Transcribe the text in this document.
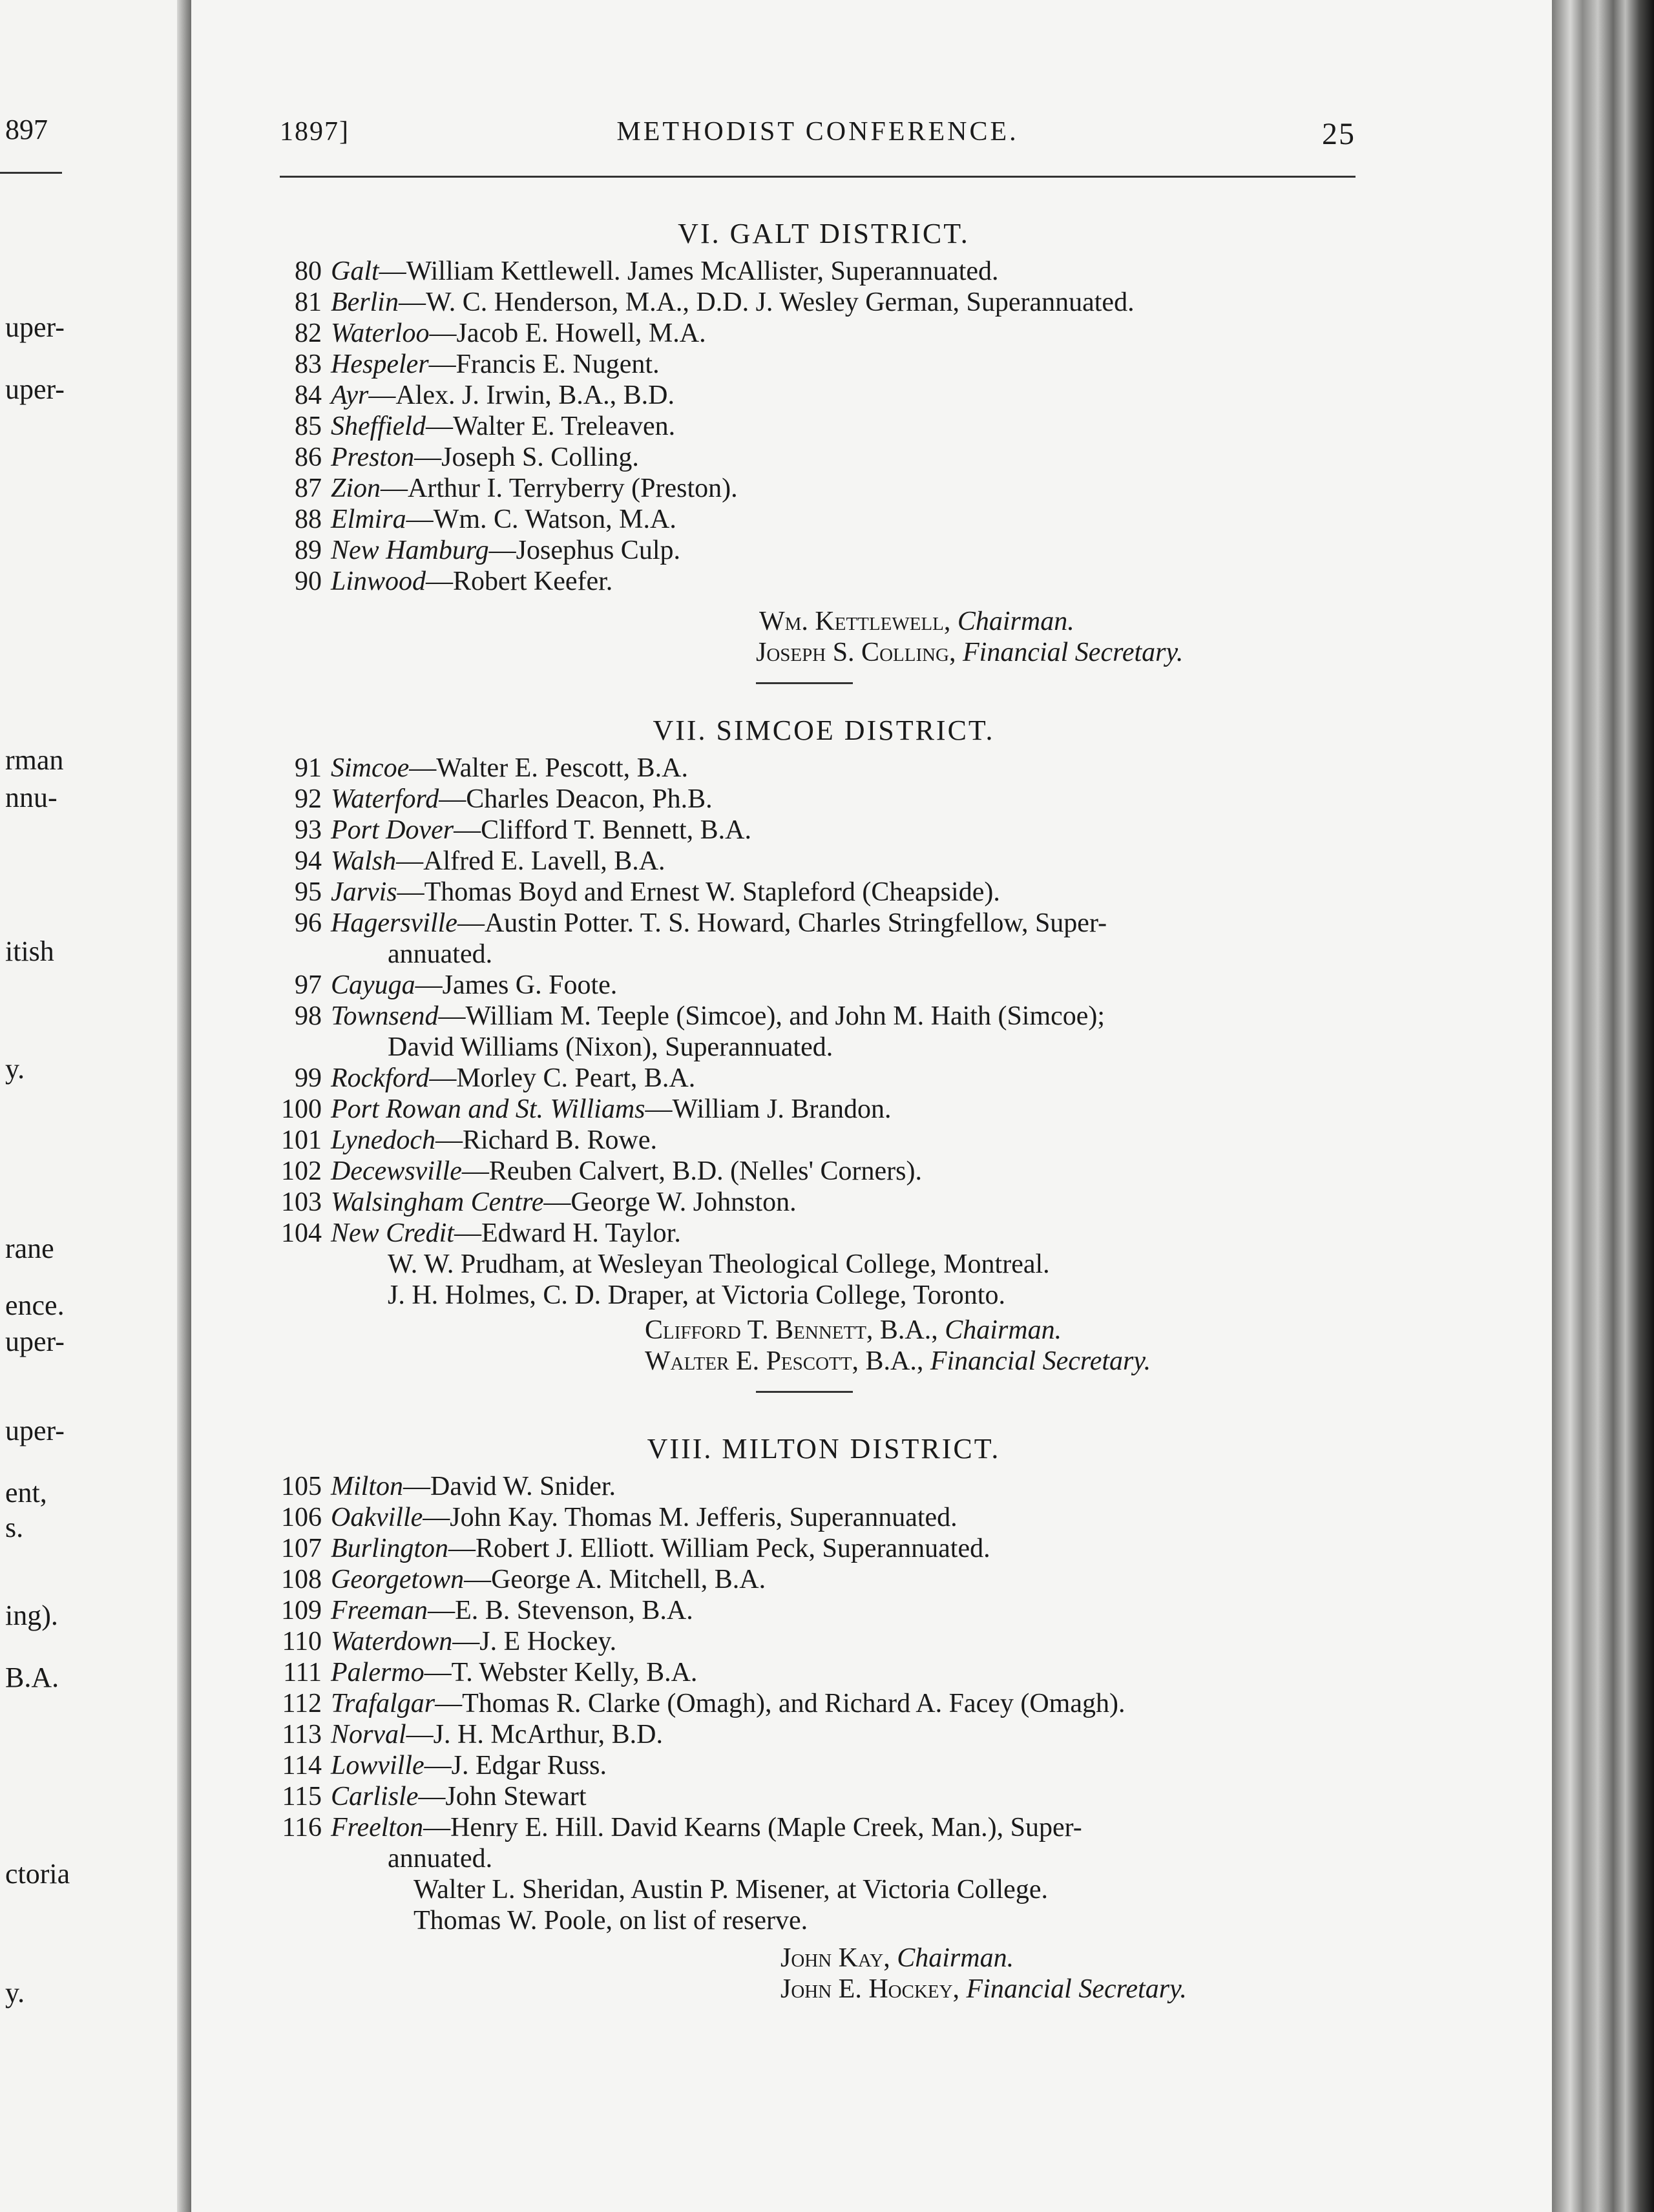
897
uper-
uper-
rman
nnu-
itish
y.
rane
ence.
uper-
uper-
ent,
s.
ing).
B.A.
ctoria
y.
1897]	METHODIST CONFERENCE.	25
VI. GALT DISTRICT.
80 Galt—William Kettlewell. James McAllister, Superannuated.
81 Berlin—W. C. Henderson, M.A., D.D. J. Wesley German, Superannuated.
82 Waterloo—Jacob E. Howell, M.A.
83 Hespeler—Francis E. Nugent.
84 Ayr—Alex. J. Irwin, B.A., B.D.
85 Sheffield—Walter E. Treleaven.
86 Preston—Joseph S. Colling.
87 Zion—Arthur I. Terryberry (Preston).
88 Elmira—Wm. C. Watson, M.A.
89 New Hamburg—Josephus Culp.
90 Linwood—Robert Keefer.
Wm. Kettlewell, Chairman.
Joseph S. Colling, Financial Secretary.
VII. SIMCOE DISTRICT.
91 Simcoe—Walter E. Pescott, B.A.
92 Waterford—Charles Deacon, Ph.B.
93 Port Dover—Clifford T. Bennett, B.A.
94 Walsh—Alfred E. Lavell, B.A.
95 Jarvis—Thomas Boyd and Ernest W. Stapleford (Cheapside).
96 Hagersville—Austin Potter. T. S. Howard, Charles Stringfellow, Super-
annuated.
97 Cayuga—James G. Foote.
98 Townsend—William M. Teeple (Simcoe), and John M. Haith (Simcoe);
David Williams (Nixon), Superannuated.
99 Rockford—Morley C. Peart, B.A.
100 Port Rowan and St. Williams—William J. Brandon.
101 Lynedoch—Richard B. Rowe.
102 Decewsville—Reuben Calvert, B.D. (Nelles' Corners).
103 Walsingham Centre—George W. Johnston.
104 New Credit—Edward H. Taylor.
W. W. Prudham, at Wesleyan Theological College, Montreal.
J. H. Holmes, C. D. Draper, at Victoria College, Toronto.
Clifford T. Bennett, B.A., Chairman.
Walter E. Pescott, B.A., Financial Secretary.
VIII. MILTON DISTRICT.
105 Milton—David W. Snider.
106 Oakville—John Kay. Thomas M. Jefferis, Superannuated.
107 Burlington—Robert J. Elliott. William Peck, Superannuated.
108 Georgetown—George A. Mitchell, B.A.
109 Freeman—E. B. Stevenson, B.A.
110 Waterdown—J. E Hockey.
111 Palermo—T. Webster Kelly, B.A.
112 Trafalgar—Thomas R. Clarke (Omagh), and Richard A. Facey (Omagh).
113 Norval—J. H. McArthur, B.D.
114 Lowville—J. Edgar Russ.
115 Carlisle—John Stewart
116 Freelton—Henry E. Hill. David Kearns (Maple Creek, Man.), Super-
annuated.
Walter L. Sheridan, Austin P. Misener, at Victoria College.
Thomas W. Poole, on list of reserve.
John Kay, Chairman.
John E. Hockey, Financial Secretary.
